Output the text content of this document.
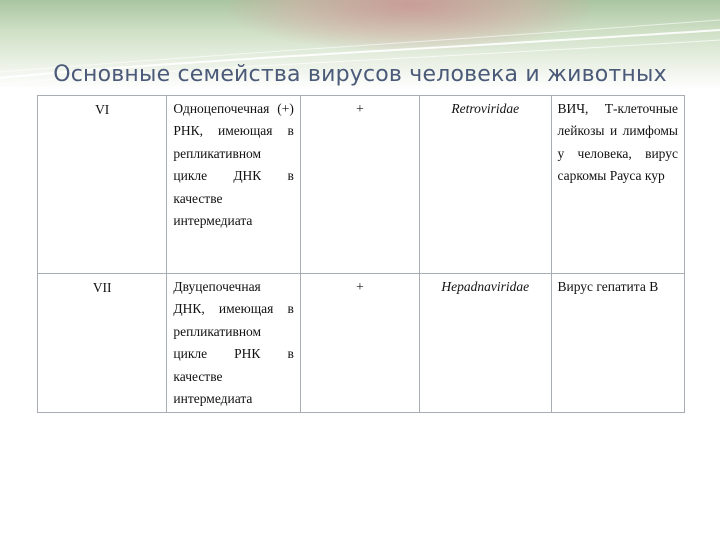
Основные семейства вирусов человека и животных
VI	Одноцепочечная (+) РНК, имеющая в репликативном цикле ДНК в качестве интермедиата	+	Retroviridae	ВИЧ, Т-клеточные лейкозы и лимфомы у человека, вирус саркомы Рауса кур
VII	Двуцепочечная ДНК, имеющая в репликативном цикле РНК в качестве интермедиата	+	Hepadnaviridae	Вирус гепатита B
